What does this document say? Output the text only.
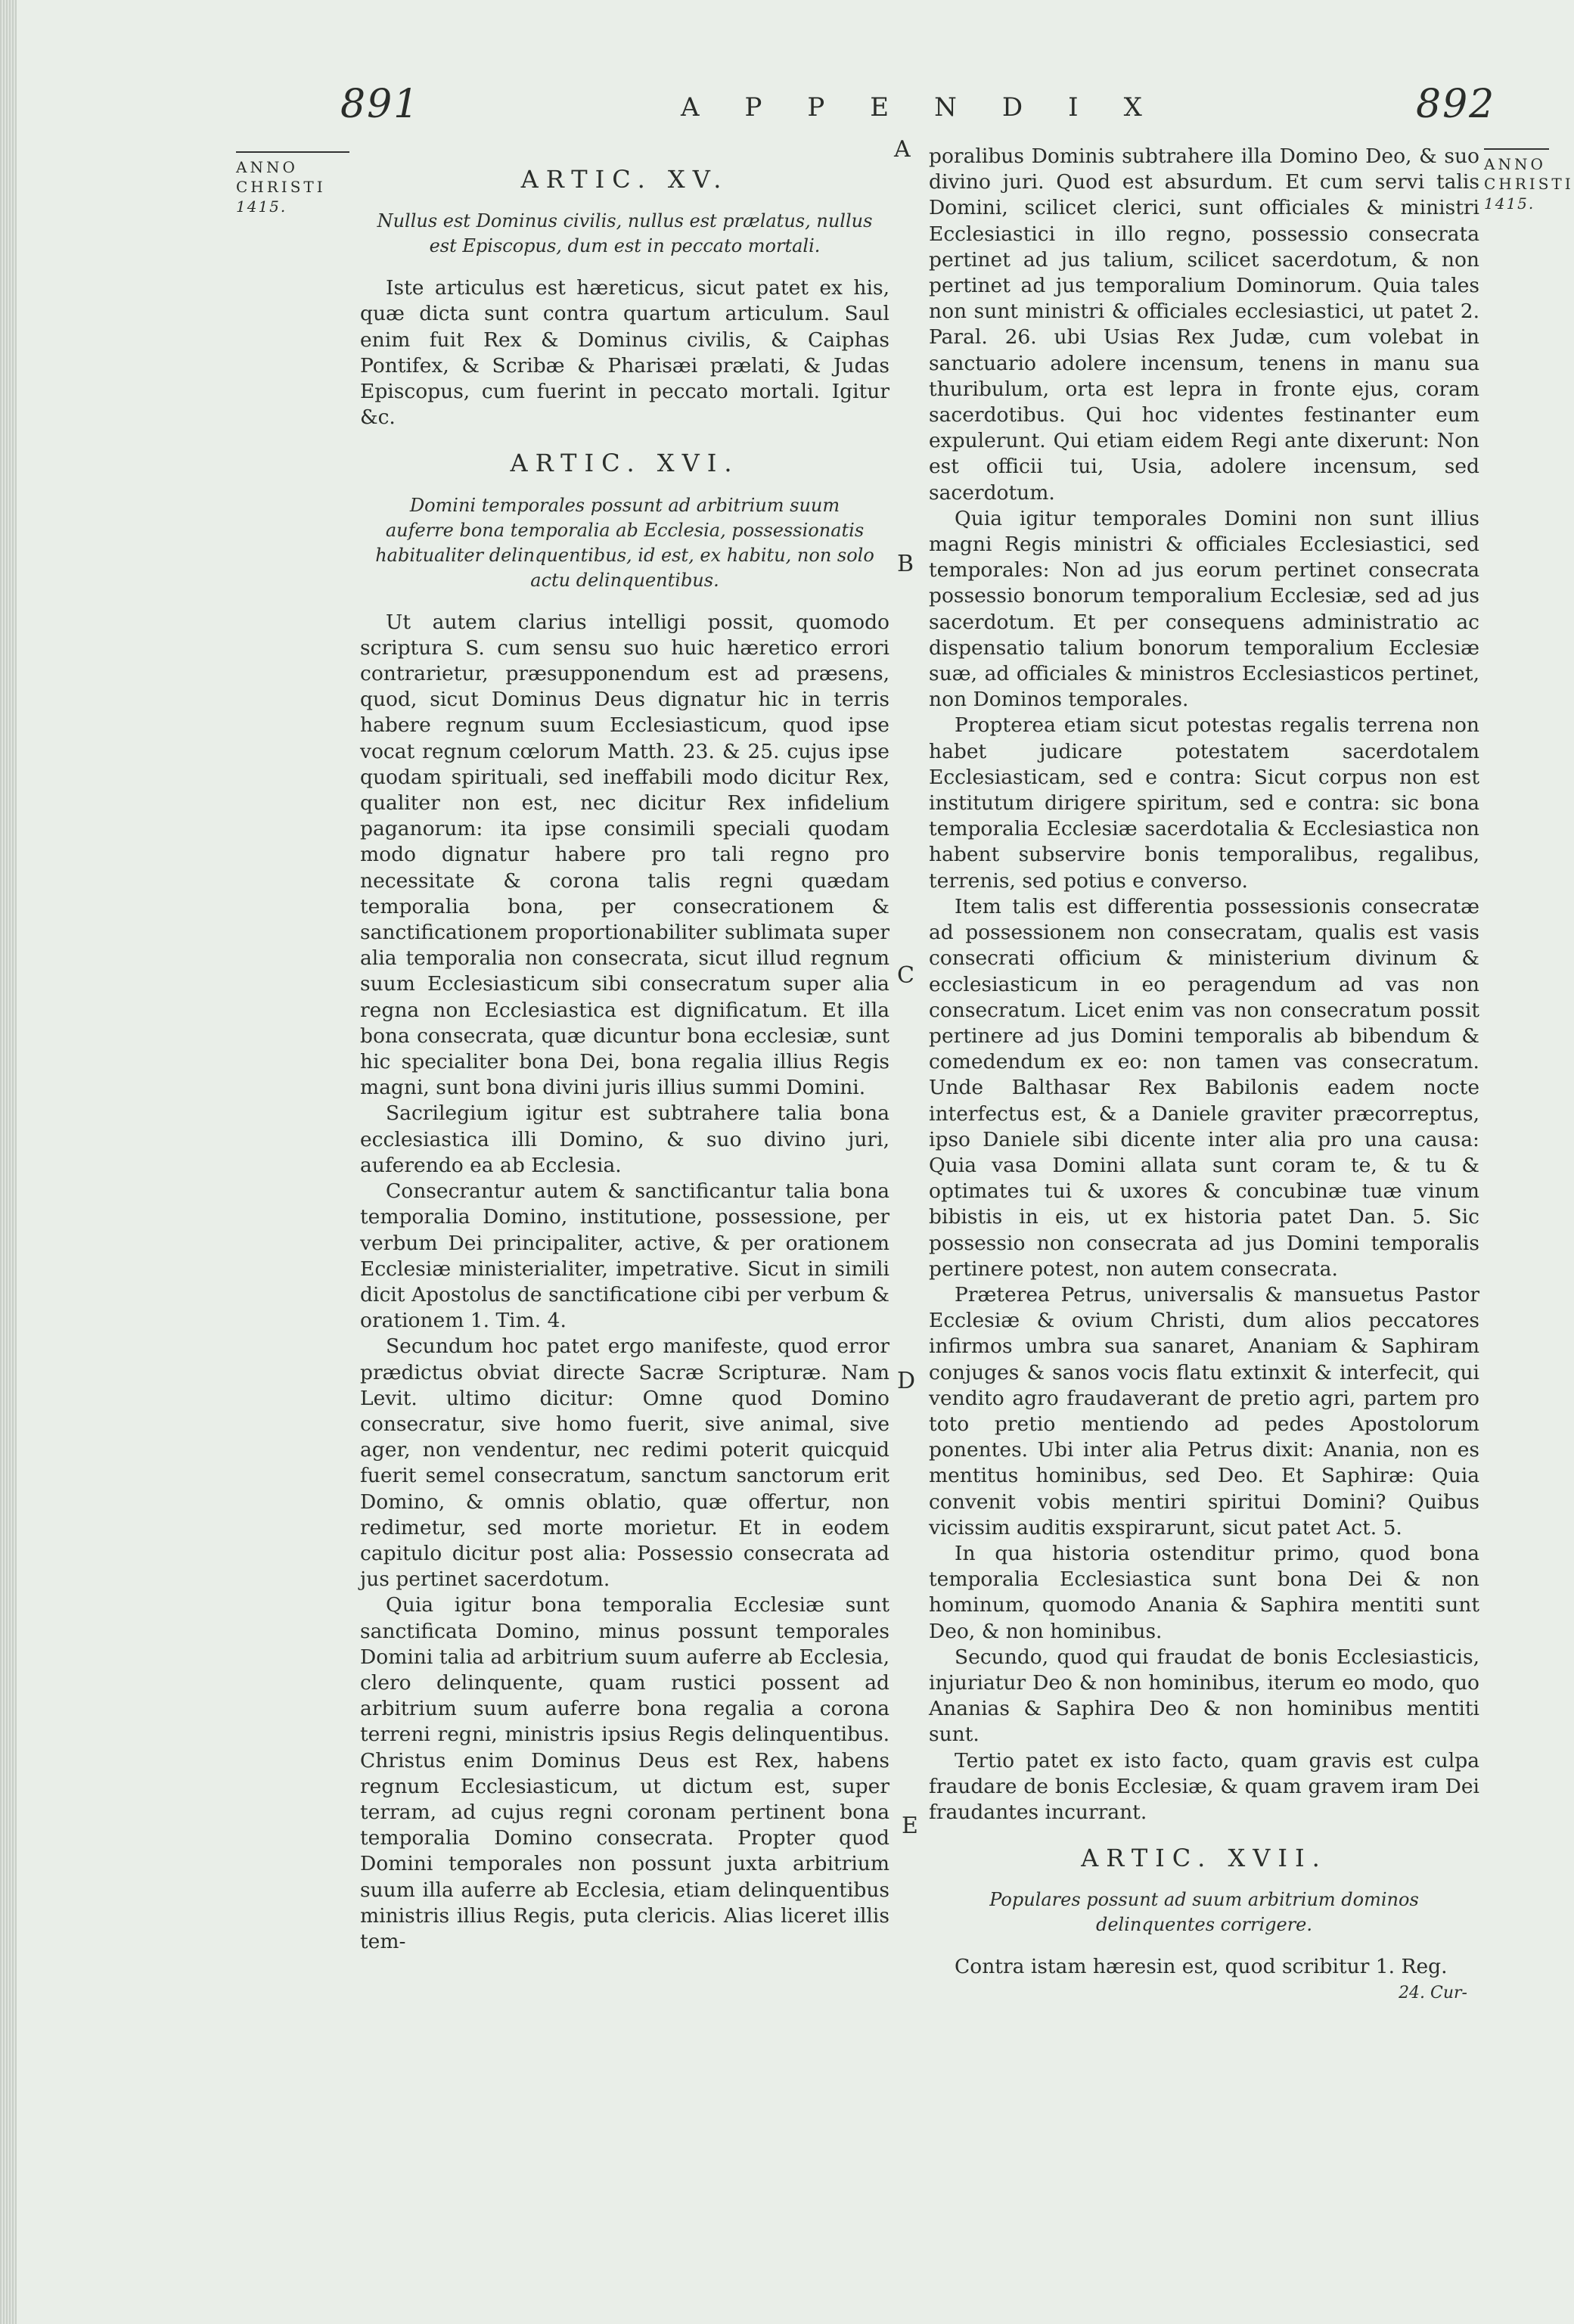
891	APPENDIX	892
ANNO
CHRISTI
1415.
ANNO
CHRISTI
1415.
A
B
C
D
E
ARTIC. XV.
Nullus est Dominus civilis, nullus est prælatus, nullus est Episcopus, dum est in peccato mortali.

Iste articulus est hæreticus, sicut patet ex his, quæ dicta sunt contra quartum articulum. Saul enim fuit Rex & Dominus civilis, & Caiphas Pontifex, & Scribæ & Pharisæi prælati, & Judas Episcopus, cum fuerint in peccato mortali. Igitur &c.

ARTIC. XVI.
Domini temporales possunt ad arbitrium suum auferre bona temporalia ab Ecclesia, possessionatis habitualiter delinquentibus, id est, ex habitu, non solo actu delinquentibus.

Ut autem clarius intelligi possit, quomodo scriptura S. cum sensu suo huic hæretico errori contrarietur, præsupponendum est ad præsens, quod, sicut Dominus Deus dignatur hic in terris habere regnum suum Ecclesiasticum, quod ipse vocat regnum cœlorum Matth. 23. & 25. cujus ipse quodam spirituali, sed ineffabili modo dicitur Rex, qualiter non est, nec dicitur Rex infidelium paganorum: ita ipse consimili speciali quodam modo dignatur habere pro tali regno pro necessitate & corona talis regni quædam temporalia bona, per consecrationem & sanctificationem proportionabiliter sublimata super alia temporalia non consecrata, sicut illud regnum suum Ecclesiasticum sibi consecratum super alia regna non Ecclesiastica est dignificatum. Et illa bona consecrata, quæ dicuntur bona ecclesiæ, sunt hic specialiter bona Dei, bona regalia illius Regis magni, sunt bona divini juris illius summi Domini.

Sacrilegium igitur est subtrahere talia bona ecclesiastica illi Domino, & suo divino juri, auferendo ea ab Ecclesia.

Consecrantur autem & sanctificantur talia bona temporalia Domino, institutione, possessione, per verbum Dei principaliter, active, & per orationem Ecclesiæ ministerialiter, impetrative. Sicut in simili dicit Apostolus de sanctificatione cibi per verbum & orationem 1. Tim. 4.

Secundum hoc patet ergo manifeste, quod error prædictus obviat directe Sacræ Scripturæ. Nam Levit. ultimo dicitur: Omne quod Domino consecratur, sive homo fuerit, sive animal, sive ager, non vendentur, nec redimi poterit quicquid fuerit semel consecratum, sanctum sanctorum erit Domino, & omnis oblatio, quæ offertur, non redimetur, sed morte morietur. Et in eodem capitulo dicitur post alia: Possessio consecrata ad jus pertinet sacerdotum.

Quia igitur bona temporalia Ecclesiæ sunt sanctificata Domino, minus possunt temporales Domini talia ad arbitrium suum auferre ab Ecclesia, clero delinquente, quam rustici possent ad arbitrium suum auferre bona regalia a corona terreni regni, ministris ipsius Regis delinquentibus. Christus enim Dominus Deus est Rex, habens regnum Ecclesiasticum, ut dictum est, super terram, ad cujus regni coronam pertinent bona temporalia Domino consecrata. Propter quod Domini temporales non possunt juxta arbitrium suum illa auferre ab Ecclesia, etiam delinquentibus ministris illius Regis, puta clericis. Alias liceret illis tem-

poralibus Dominis subtrahere illa Domino Deo, & suo divino juri. Quod est absurdum. Et cum servi talis Domini, scilicet clerici, sunt officiales & ministri Ecclesiastici in illo regno, possessio consecrata pertinet ad jus talium, scilicet sacerdotum, & non pertinet ad jus temporalium Dominorum. Quia tales non sunt ministri & officiales ecclesiastici, ut patet 2. Paral. 26. ubi Usias Rex Judæ, cum volebat in sanctuario adolere incensum, tenens in manu sua thuribulum, orta est lepra in fronte ejus, coram sacerdotibus. Qui hoc videntes festinanter eum expulerunt. Qui etiam eidem Regi ante dixerunt: Non est officii tui, Usia, adolere incensum, sed sacerdotum.

Quia igitur temporales Domini non sunt illius magni Regis ministri & officiales Ecclesiastici, sed temporales: Non ad jus eorum pertinet consecrata possessio bonorum temporalium Ecclesiæ, sed ad jus sacerdotum. Et per consequens administratio ac dispensatio talium bonorum temporalium Ecclesiæ suæ, ad officiales & ministros Ecclesiasticos pertinet, non Dominos temporales.

Propterea etiam sicut potestas regalis terrena non habet judicare potestatem sacerdotalem Ecclesiasticam, sed e contra: Sicut corpus non est institutum dirigere spiritum, sed e contra: sic bona temporalia Ecclesiæ sacerdotalia & Ecclesiastica non habent subservire bonis temporalibus, regalibus, terrenis, sed potius e converso.

Item talis est differentia possessionis consecratæ ad possessionem non consecratam, qualis est vasis consecrati officium & ministerium divinum & ecclesiasticum in eo peragendum ad vas non consecratum. Licet enim vas non consecratum possit pertinere ad jus Domini temporalis ab bibendum & comedendum ex eo: non tamen vas consecratum. Unde Balthasar Rex Babilonis eadem nocte interfectus est, & a Daniele graviter præcorreptus, ipso Daniele sibi dicente inter alia pro una causa: Quia vasa Domini allata sunt coram te, & tu & optimates tui & uxores & concubinæ tuæ vinum bibistis in eis, ut ex historia patet Dan. 5. Sic possessio non consecrata ad jus Domini temporalis pertinere potest, non autem consecrata.

Præterea Petrus, universalis & mansuetus Pastor Ecclesiæ & ovium Christi, dum alios peccatores infirmos umbra sua sanaret, Ananiam & Saphiram conjuges & sanos vocis flatu extinxit & interfecit, qui vendito agro fraudaverant de pretio agri, partem pro toto pretio mentiendo ad pedes Apostolorum ponentes. Ubi inter alia Petrus dixit: Anania, non es mentitus hominibus, sed Deo. Et Saphiræ: Quia convenit vobis mentiri spiritui Domini? Quibus vicissim auditis exspirarunt, sicut patet Act. 5.

In qua historia ostenditur primo, quod bona temporalia Ecclesiastica sunt bona Dei & non hominum, quomodo Anania & Saphira mentiti sunt Deo, & non hominibus.

Secundo, quod qui fraudat de bonis Ecclesiasticis, injuriatur Deo & non hominibus, iterum eo modo, quo Ananias & Saphira Deo & non hominibus mentiti sunt.

Tertio patet ex isto facto, quam gravis est culpa fraudare de bonis Ecclesiæ, & quam gravem iram Dei fraudantes incurrant.

ARTIC. XVII.
Populares possunt ad suum arbitrium dominos delinquentes corrigere.

Contra istam hæresin est, quod scribitur 1. Reg.

24. Cur-
